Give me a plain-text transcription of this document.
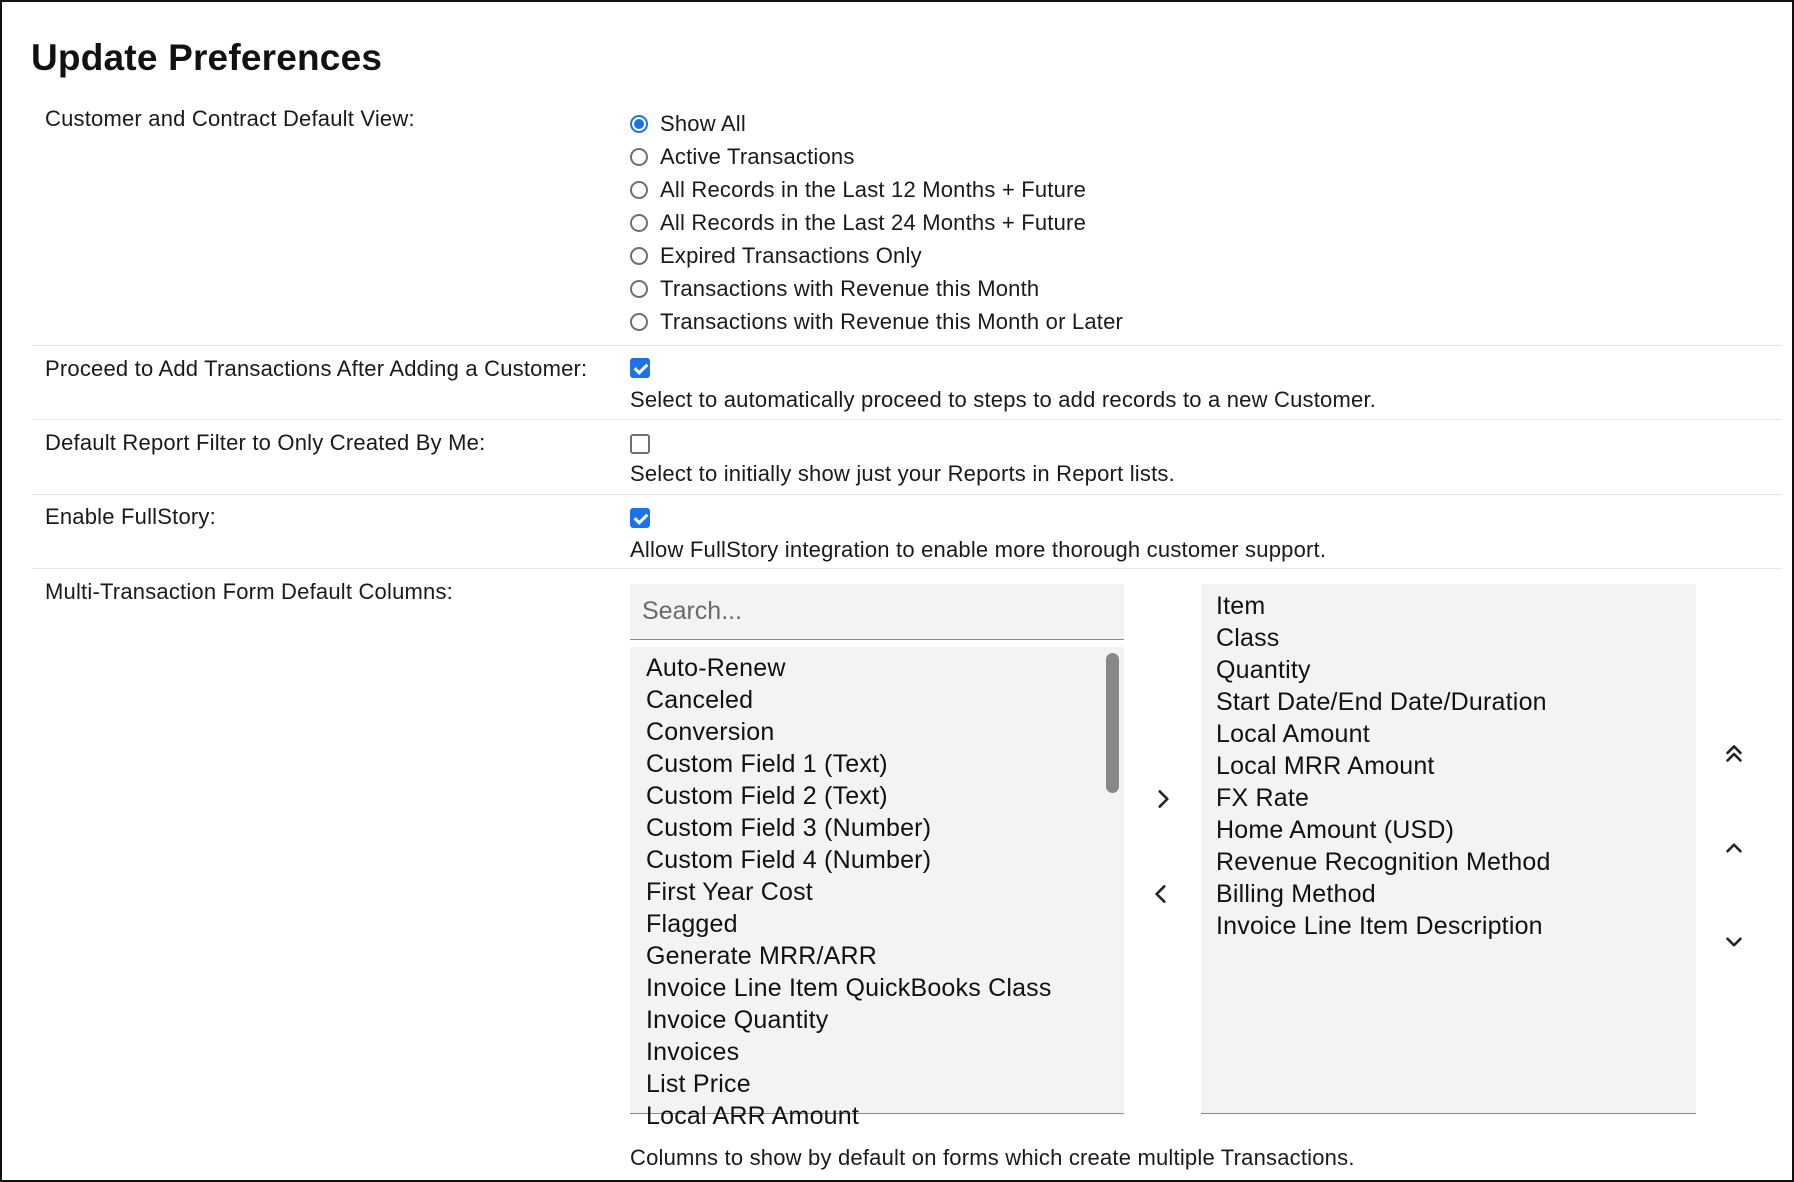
Update Preferences
Customer and Contract Default View:	Show All
Active Transactions
All Records in the Last 12 Months + Future
All Records in the Last 24 Months + Future
Expired Transactions Only
Transactions with Revenue this Month
Transactions with Revenue this Month or Later
Proceed to Add Transactions After Adding a Customer:
Select to automatically proceed to steps to add records to a new Customer.
Default Report Filter to Only Created By Me:
Select to initially show just your Reports in Report lists.
Enable FullStory:
Allow FullStory integration to enable more thorough customer support.
Multi-Transaction Form Default Columns:
Search...
Auto-Renew
Canceled
Conversion
Custom Field 1 (Text)
Custom Field 2 (Text)
Custom Field 3 (Number)
Custom Field 4 (Number)
First Year Cost
Flagged
Generate MRR/ARR
Invoice Line Item QuickBooks Class
Invoice Quantity
Invoices
List Price
Local ARR Amount
Item
Class
Quantity
Start Date/End Date/Duration
Local Amount
Local MRR Amount
FX Rate
Home Amount (USD)
Revenue Recognition Method
Billing Method
Invoice Line Item Description
Columns to show by default on forms which create multiple Transactions.
